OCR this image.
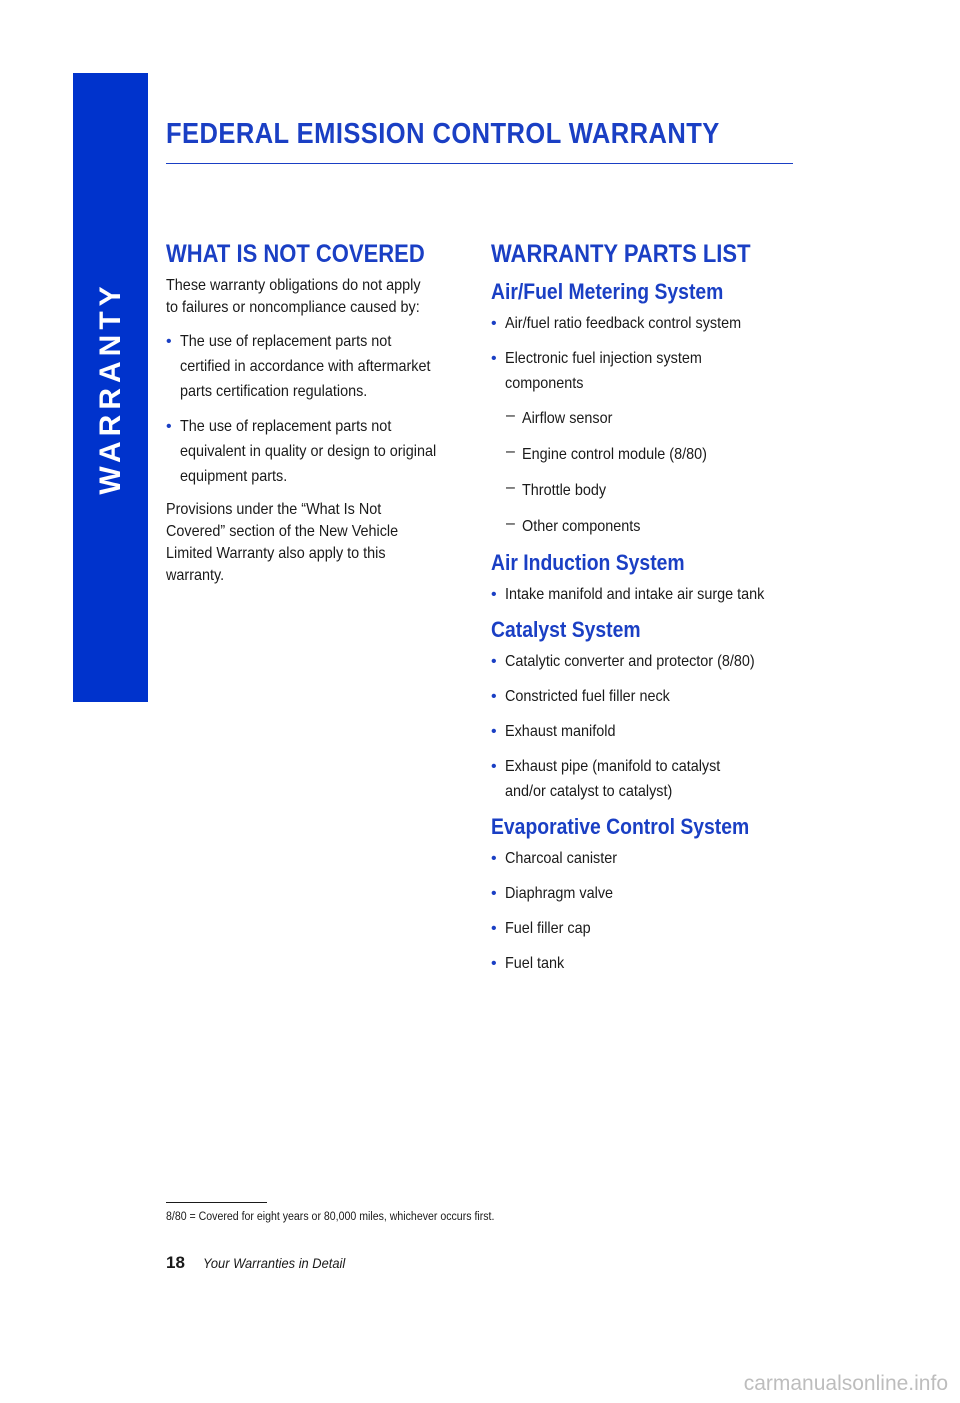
WARRANTY
FEDERAL EMISSION CONTROL WARRANTY
WHAT IS NOT COVERED

These warranty obligations do not apply to failures or noncompliance caused by:

• The use of replacement parts not certified in accordance with aftermarket parts certification regulations.
• The use of replacement parts not equivalent in quality or design to original equipment parts.

Provisions under the “What Is Not Covered” section of the New Vehicle Limited Warranty also apply to this warranty.

WARRANTY PARTS LIST
Air/Fuel Metering System
• Air/fuel ratio feedback control system
• Electronic fuel injection system components
– Airflow sensor
– Engine control module (8/80)
– Throttle body
– Other components
Air Induction System
• Intake manifold and intake air surge tank
Catalyst System
• Catalytic converter and protector (8/80)
• Constricted fuel filler neck
• Exhaust manifold
• Exhaust pipe (manifold to catalyst and/or catalyst to catalyst)
Evaporative Control System
• Charcoal canister
• Diaphragm valve
• Fuel filler cap
• Fuel tank
8/80 = Covered for eight years or 80,000 miles, whichever occurs first.
18 Your Warranties in Detail
carmanualsonline.info
